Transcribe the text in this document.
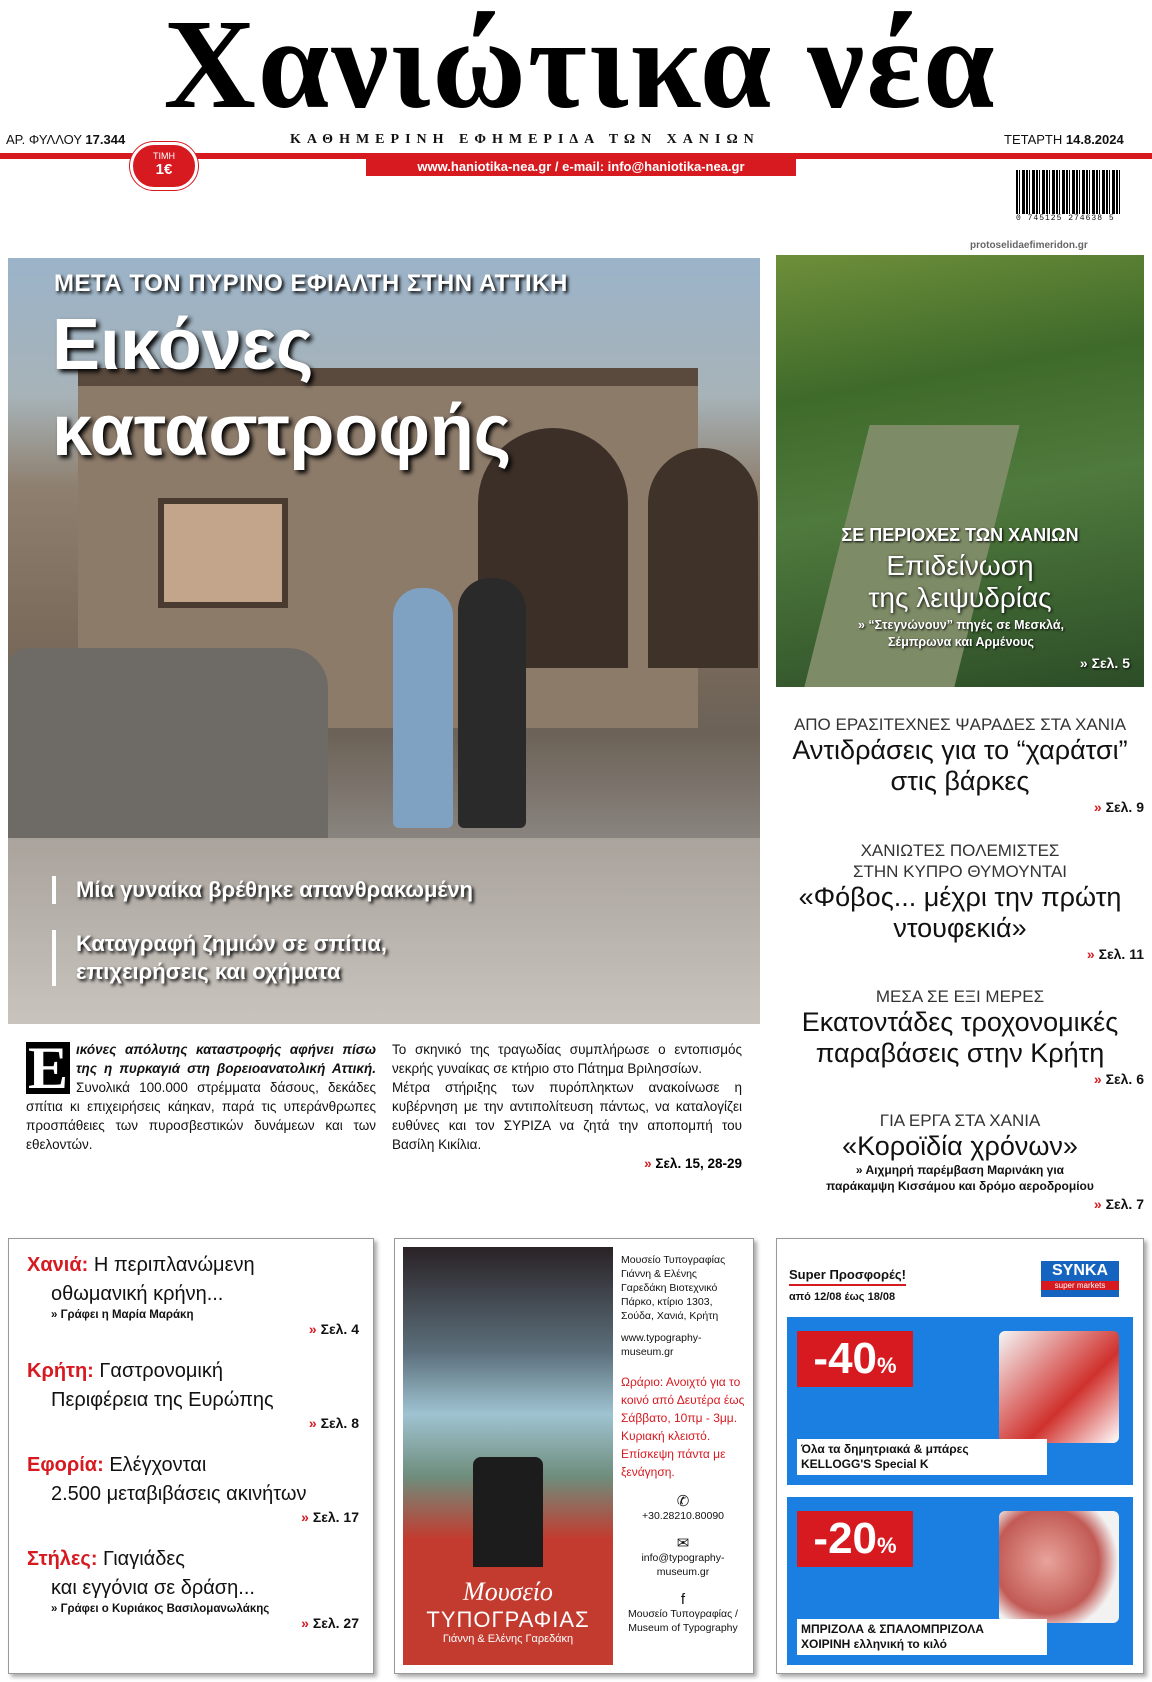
Χανιώτικα νέα
ΑΡ. ΦΥΛΛΟΥ 17.344	ΚΑΘΗΜΕΡΙΝΗ ΕΦΗΜΕΡΙΔΑ ΤΩΝ ΧΑΝΙΩΝ	ΤΕΤΑΡΤΗ 14.8.2024
ΤΙΜΗ
1€	www.haniotika-nea.gr / e-mail: info@haniotika-nea.gr
0 745125 274638 5
protoselidaefimeridon.gr
ΜΕΤΑ ΤΟΝ ΠΥΡΙΝΟ ΕΦΙΑΛΤΗ ΣΤΗΝ ΑΤΤΙΚΗ
Εικόνες
καταστροφής
Μία γυναίκα βρέθηκε απανθρακωμένη
Καταγραφή ζημιών σε σπίτια,
επιχειρήσεις και οχήματα
Ε ικόνες απόλυτης καταστροφής αφήνει πίσω της η πυρκαγιά στη βορειοανατολική Αττική. Συνολικά 100.000 στρέμματα δάσους, δεκάδες σπίτια κι επιχειρήσεις κάηκαν, παρά τις υπεράνθρωπες προσπάθειες των πυροσβεστικών δυνάμεων και των εθελοντών.

Το σκηνικό της τραγωδίας συμπλήρωσε ο εντοπισμός νεκρής γυναίκας σε κτήριο στο Πάτημα Βριλησσίων.

Μέτρα στήριξης των πυρόπληκτων ανακοίνωσε η κυβέρνηση με την αντιπολίτευση πάντως, να καταλογίζει ευθύνες και τον ΣΥΡΙΖΑ να ζητά την αποπομπή του Βασίλη Κικίλια.

» Σελ. 15, 28-29

ΣΕ ΠΕΡΙΟΧΕΣ ΤΩΝ ΧΑΝΙΩΝ
Επιδείνωση
της λειψυδρίας
» “Στεγνώνουν” πηγές σε Μεσκλά,
Σέμπρωνα και Αρμένους
» Σελ. 5
ΑΠΟ ΕΡΑΣΙΤΕΧΝΕΣ ΨΑΡΑΔΕΣ ΣΤΑ ΧΑΝΙΑ
Αντιδράσεις για το “χαράτσι”
στις βάρκες
» Σελ. 9
ΧΑΝΙΩΤΕΣ ΠΟΛΕΜΙΣΤΕΣ
ΣΤΗΝ ΚΥΠΡΟ ΘΥΜΟΥΝΤΑΙ
«Φόβος... μέχρι την πρώτη
ντουφεκιά»
» Σελ. 11
ΜΕΣΑ ΣΕ ΕΞΙ ΜΕΡΕΣ
Εκατοντάδες τροχονομικές
παραβάσεις στην Κρήτη
» Σελ. 6
ΓΙΑ ΕΡΓΑ ΣΤΑ ΧΑΝΙΑ
«Κοροϊδία χρόνων»
» Αιχμηρή παρέμβαση Μαρινάκη για
παράκαμψη Κισσάμου και δρόμο αεροδρομίου
» Σελ. 7
Χανιά: Η περιπλανώμενη
οθωμανική κρήνη...
» Γράφει η Μαρία Μαράκη
» Σελ. 4
Κρήτη: Γαστρονομική
Περιφέρεια της Ευρώπης
» Σελ. 8
Εφορία: Ελέγχονται
2.500 μεταβιβάσεις ακινήτων
» Σελ. 17
Στήλες: Γιαγιάδες
και εγγόνια σε δράση...
» Γράφει ο Κυριάκος Βασιλομανωλάκης
» Σελ. 27
Μουσείο
ΤΥΠΟΓΡΑΦΙΑΣ
Γιάννη & Ελένης Γαρεδάκη
Μουσείο Τυπογραφίας Γιάννη & Ελένης Γαρεδάκη Βιοτεχνικό Πάρκο, κτίριο 1303, Σούδα, Χανιά, Κρήτη
www.typography-museum.gr
Ωράριο: Ανοιχτό για το κοινό από Δευτέρα έως Σάββατο, 10πμ - 3μμ. Κυριακή κλειστό. Επίσκεψη πάντα με ξενάγηση.
✆
+30.28210.80090
✉
info@typography-museum.gr
f
Μουσείο Τυπογραφίας / Museum of Typography
Super Προσφορές!
από 12/08 έως 18/08
SYNKA
super markets
-40%
Όλα τα δημητριακά & μπάρες
KELLOGG'S Special K
-20%
ΜΠΡΙΖΟΛΑ & ΣΠΑΛΟΜΠΡΙΖΟΛΑ
ΧΟΙΡΙΝΗ ελληνική το κιλό
